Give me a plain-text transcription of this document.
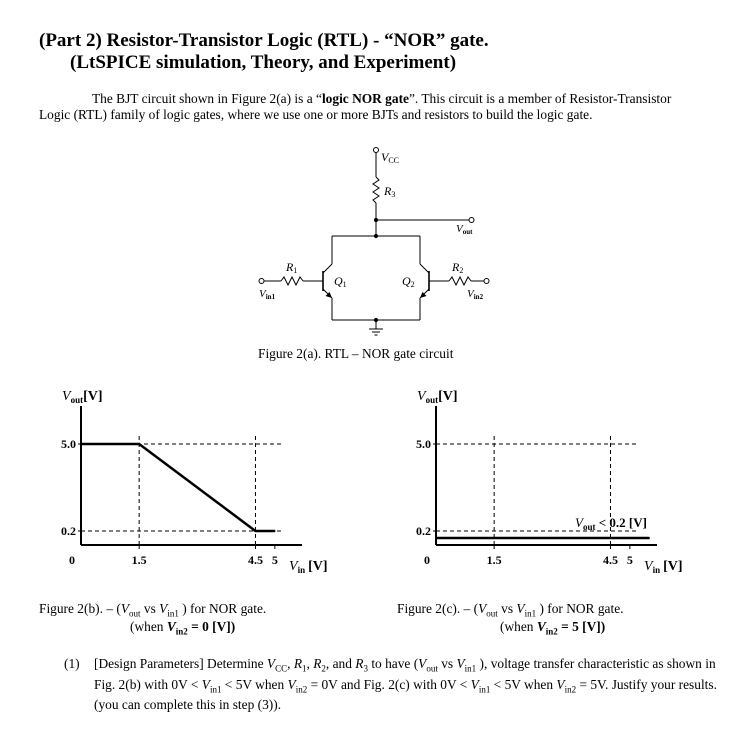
(Part 2) Resistor-Transistor Logic (RTL) - “NOR” gate.
(LtSPICE simulation, Theory, and Experiment)
The BJT circuit shown in Figure 2(a) is a “logic NOR gate”. This circuit is a member of Resistor-Transistor Logic (RTL) family of logic gates, where we use one or more BJTs and resistors to build the logic gate.
VCC
R3
Vout
R1
Q1	Q2
R2
Vin1	Vin2
Figure 2(a). RTL – NOR gate circuit
5.0
0.2
0	1.5	4.5 5
$V_{out}[V]$
$V_{in}$ [V]
5.0
0.2
0	1.5	4.5 5
$V_{out}[V]$
$V_{in}$ [V]
$V_{out} < 0.2$ [V]
Figure 2(b). – ($V_{out}$ vs $V_{in1}$ ) for NOR gate.
(when $V_{in2} = 0$ [V])
Figure 2(c). – ($V_{out}$ vs $V_{in1}$ ) for NOR gate.
(when $V_{in2} = 5$ [V])
(1) [Design Parameters] Determine $V_{CC}$, $R_1$, $R_2$, and $R_3$ to have ($V_{out}$ vs $V_{in1}$ ), voltage transfer characteristic as shown in Fig. 2(b) with $0V < V_{in1} < 5V$ when $V_{in2} = 0V$ and Fig. 2(c) with $0V < V_{in1} < 5V$ when $V_{in2} = 5V$. Justify your results. (you can complete this in step (3)).
